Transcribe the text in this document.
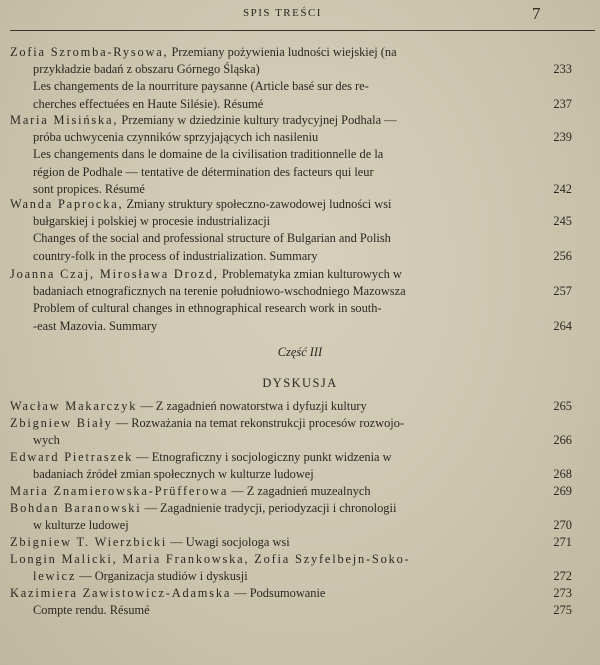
SPIS TREŚCI	7
Zofia Szromba-Rysowa, Przemiany pożywienia ludności wiejskiej (na
przykładzie badań z obszaru Górnego Śląska)	233
Les changements de la nourriture paysanne (Article basé sur des re-
cherches effectuées en Haute Silésie). Résumé	237
Maria Misińska, Przemiany w dziedzinie kultury tradycyjnej Podhala —
próba uchwycenia czynników sprzyjających ich nasileniu	239
Les changements dans le domaine de la civilisation traditionnelle de la
région de Podhale — tentative de détermination des facteurs qui leur
sont propices. Résumé	242
Wanda Paprocka, Zmiany struktury społeczno-zawodowej ludności wsi
bułgarskiej i polskiej w procesie industrializacji	245
Changes of the social and professional structure of Bulgarian and Polish
country-folk in the process of industrialization. Summary	256
Joanna Czaj, Mirosława Drozd, Problematyka zmian kulturowych w
badaniach etnograficznych na terenie południowo-wschodniego Mazowsza	257
Problem of cultural changes in ethnographical research work in south-
-east Mazovia. Summary	264
Wacław Makarczyk — Z zagadnień nowatorstwa i dyfuzji kultury	265
Zbigniew Biały — Rozważania na temat rekonstrukcji procesów rozwojo-
wych	266
Edward Pietraszek — Etnograficzny i socjologiczny punkt widzenia w
badaniach źródeł zmian społecznych w kulturze ludowej	268
Maria Znamierowska-Prüfferowa — Z zagadnień muzealnych	269
Bohdan Baranowski — Zagadnienie tradycji, periodyzacji i chronologii
w kulturze ludowej	270
Zbigniew T. Wierzbicki — Uwagi socjologa wsi	271
Longin Malicki, Maria Frankowska, Zofia Szyfelbejn-Soko-
lewicz — Organizacja studiów i dyskusji	272
Kazimiera Zawistowicz-Adamska — Podsumowanie	273
Compte rendu. Résumé	275
Część III
DYSKUSJA
